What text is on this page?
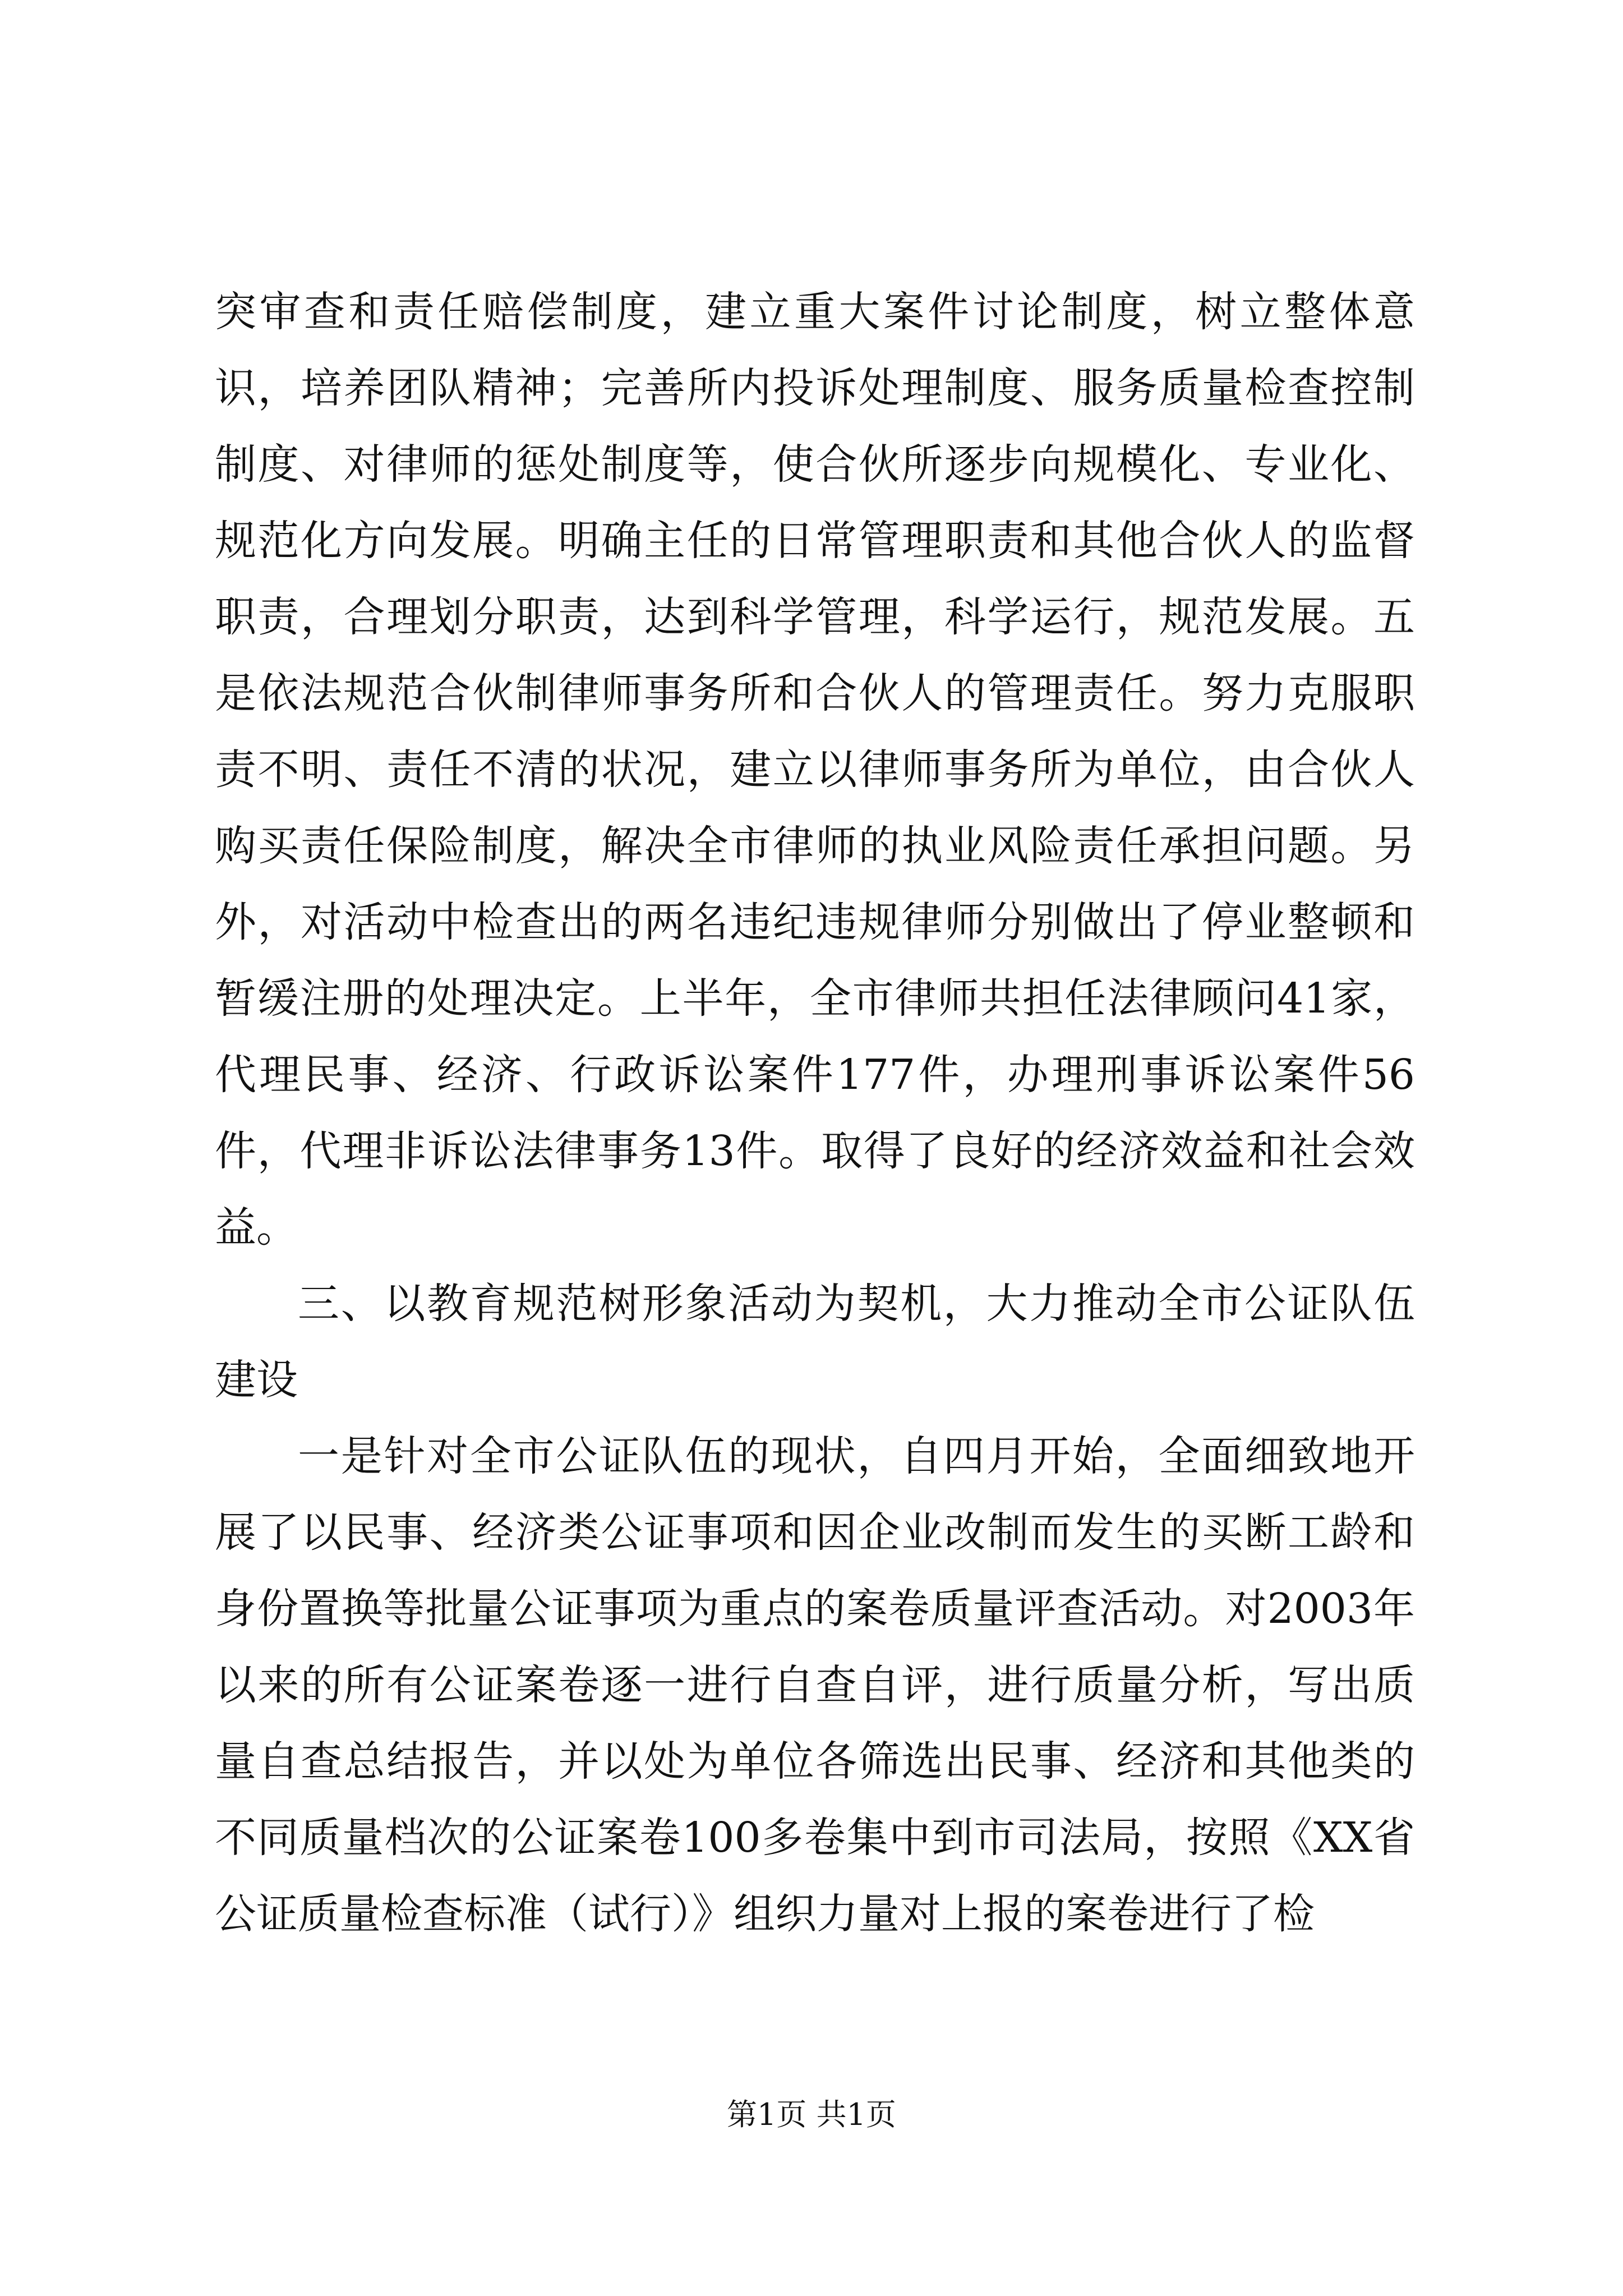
突审查和责任赔偿制度，建立重大案件讨论制度，树立整体意识，培养团队精神；完善所内投诉处理制度、服务质量检查控制制度、对律师的惩处制度等，使合伙所逐步向规模化、专业化、规范化方向发展。明确主任的日常管理职责和其他合伙人的监督职责，合理划分职责，达到科学管理，科学运行，规范发展。五是依法规范合伙制律师事务所和合伙人的管理责任。努力克服职责不明、责任不清的状况，建立以律师事务所为单位，由合伙人购买责任保险制度，解决全市律师的执业风险责任承担问题。另外，对活动中检查出的两名违纪违规律师分别做出了停业整顿和暂缓注册的处理决定。上半年，全市律师共担任法律顾问41家，代理民事、经济、行政诉讼案件177件，办理刑事诉讼案件56件，代理非诉讼法律事务13件。取得了良好的经济效益和社会效益。

三、以教育规范树形象活动为契机，大力推动全市公证队伍建设

一是针对全市公证队伍的现状，自四月开始，全面细致地开展了以民事、经济类公证事项和因企业改制而发生的买断工龄和身份置换等批量公证事项为重点的案卷质量评查活动。对2003年以来的所有公证案卷逐一进行自查自评，进行质量分析，写出质量自查总结报告，并以处为单位各筛选出民事、经济和其他类的不同质量档次的公证案卷100多卷集中到市司法局，按照《XX省公证质量检查标准（试行）》组织力量对上报的案卷进行了检

第1页 共1页
